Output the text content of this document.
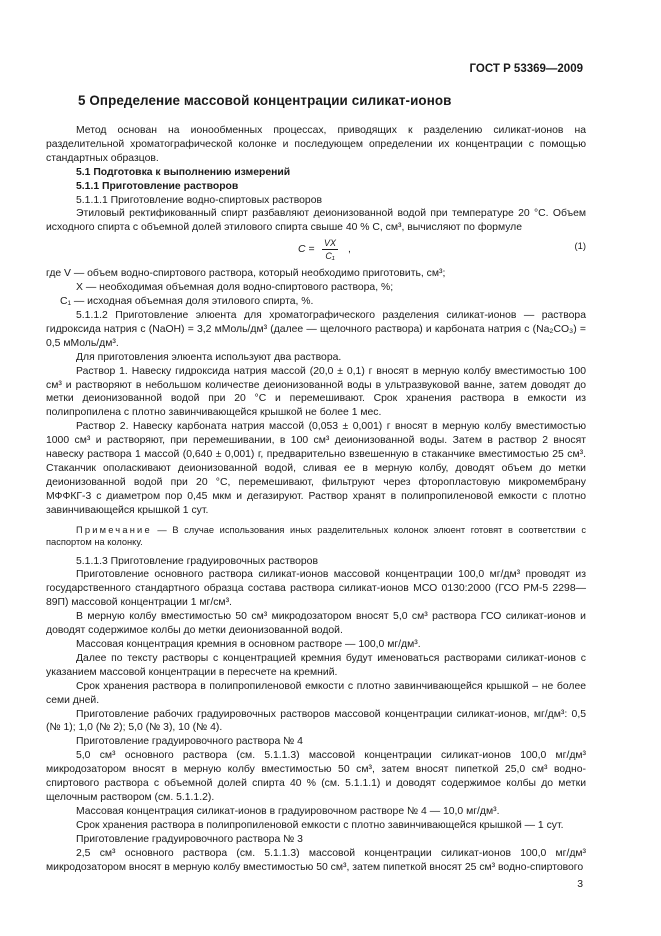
ГОСТ Р 53369—2009
5 Определение массовой концентрации силикат-ионов

Метод основан на ионообменных процессах, приводящих к разделению силикат-ионов на разделительной хроматографической колонке и последующем определении их концентрации с помощью стандартных образцов.

5.1 Подготовка к выполнению измерений

5.1.1 Приготовление растворов

5.1.1.1 Приготовление водно-спиртовых растворов

Этиловый ректификованный спирт разбавляют деионизованной водой при температуре 20 °C. Объем исходного спирта с объемной долей этилового спирта свыше 40 % C, см³, вычисляют по формуле

$C = \frac{VX}{\text{C₁}}$ ,	(1)

где V — объем водно-спиртового раствора, который необходимо приготовить, см³;

X — необходимая объемная доля водно-спиртового раствора, %;

C₁ — исходная объемная доля этилового спирта, %.

5.1.1.2 Приготовление элюента для хроматографического разделения силикат-ионов — раствора гидроксида натрия c (NaOH) = 3,2 мМоль/дм³ (далее — щелочного раствора) и карбоната натрия c (Na₂CO₃) = 0,5 мМоль/дм³.

Для приготовления элюента используют два раствора.

Раствор 1. Навеску гидроксида натрия массой (20,0 ± 0,1) г вносят в мерную колбу вместимостью 100 см³ и растворяют в небольшом количестве деионизованной воды в ультразвуковой ванне, затем доводят до метки деионизованной водой при 20 °C и перемешивают. Срок хранения раствора в емкости из полипропилена с плотно завинчивающейся крышкой не более 1 мес.

Раствор 2. Навеску карбоната натрия массой (0,053 ± 0,001) г вносят в мерную колбу вместимостью 1000 см³ и растворяют, при перемешивании, в 100 см³ деионизованной воды. Затем в раствор 2 вносят навеску раствора 1 массой (0,640 ± 0,001) г, предварительно взвешенную в стаканчике вместимостью 25 см³. Стаканчик ополаскивают деионизованной водой, сливая ее в мерную колбу, доводят объем до метки деионизованной водой при 20 °C, перемешивают, фильтруют через фторопластовую микромембрану МФФКГ-3 с диаметром пор 0,45 мкм и дегазируют. Раствор хранят в полипропиленовой емкости с плотно завинчивающейся крышкой 1 сут.

Примечание — В случае использования иных разделительных колонок элюент готовят в соответствии с паспортом на колонку.

5.1.1.3 Приготовление градуировочных растворов

Приготовление основного раствора силикат-ионов массовой концентрации 100,0 мг/дм³ проводят из государственного стандартного образца состава раствора силикат-ионов МСО 0130:2000 (ГСО РМ-5 2298—89П) массовой концентрации 1 мг/см³.

В мерную колбу вместимостью 50 см³ микродозатором вносят 5,0 см³ раствора ГСО силикат-ионов и доводят содержимое колбы до метки деионизованной водой.

Массовая концентрация кремния в основном растворе — 100,0 мг/дм³.

Далее по тексту растворы с концентрацией кремния будут именоваться растворами силикат-ионов с указанием массовой концентрации в пересчете на кремний.

Срок хранения раствора в полипропиленовой емкости с плотно завинчивающейся крышкой – не более семи дней.

Приготовление рабочих градуировочных растворов массовой концентрации силикат-ионов, мг/дм³: 0,5 (№ 1); 1,0 (№ 2); 5,0 (№ 3), 10 (№ 4).

Приготовление градуировочного раствора № 4

5,0 см³ основного раствора (см. 5.1.1.3) массовой концентрации силикат-ионов 100,0 мг/дм³ микродозатором вносят в мерную колбу вместимостью 50 см³, затем вносят пипеткой 25,0 см³ водно-спиртового раствора с объемной долей спирта 40 % (см. 5.1.1.1) и доводят содержимое колбы до метки щелочным раствором (см. 5.1.1.2).

Массовая концентрация силикат-ионов в градуировочном растворе № 4 — 10,0 мг/дм³.

Срок хранения раствора в полипропиленовой емкости с плотно завинчивающейся крышкой — 1 сут.

Приготовление градуировочного раствора № 3

2,5 см³ основного раствора (см. 5.1.1.3) массовой концентрации силикат-ионов 100,0 мг/дм³ микродозатором вносят в мерную колбу вместимостью 50 см³, затем пипеткой вносят 25 см³ водно-спиртового

3
